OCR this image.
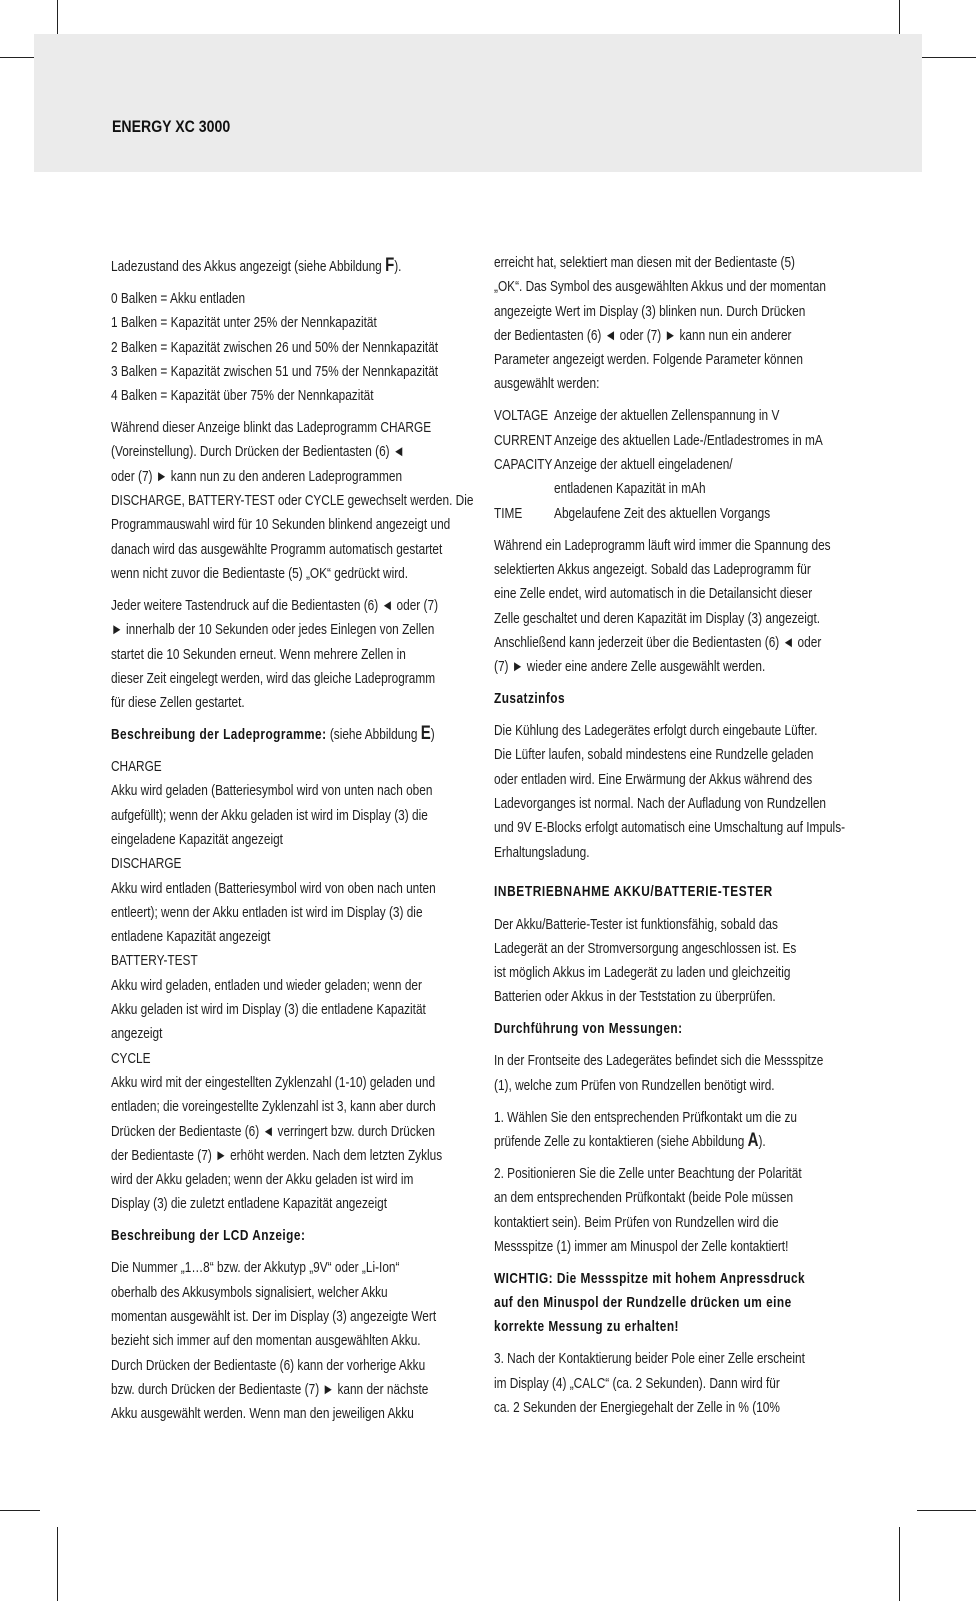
ENERGY XC 3000
Ladezustand des Akkus angezeigt (siehe Abbildung F).
0 Balken = Akku entladen
1 Balken = Kapazität unter 25% der Nennkapazität
2 Balken = Kapazität zwischen 26 und 50% der Nennkapazität
3 Balken = Kapazität zwischen 51 und 75% der Nennkapazität
4 Balken = Kapazität über 75% der Nennkapazität
Während dieser Anzeige blinkt das Ladeprogramm CHARGE
(Voreinstellung). Durch Drücken der Bedientasten (6) ◄
oder (7) ► kann nun zu den anderen Ladeprogrammen
DISCHARGE, BATTERY-TEST oder CYCLE gewechselt werden. Die
Programmauswahl wird für 10 Sekunden blinkend angezeigt und
danach wird das ausgewählte Programm automatisch gestartet
wenn nicht zuvor die Bedientaste (5) „OK“ gedrückt wird.
Jeder weitere Tastendruck auf die Bedientasten (6) ◄ oder (7)
► innerhalb der 10 Sekunden oder jedes Einlegen von Zellen
startet die 10 Sekunden erneut. Wenn mehrere Zellen in
dieser Zeit eingelegt werden, wird das gleiche Ladeprogramm
für diese Zellen gestartet.
Beschreibung der Ladeprogramme: (siehe Abbildung E)
CHARGE
Akku wird geladen (Batteriesymbol wird von unten nach oben
aufgefüllt); wenn der Akku geladen ist wird im Display (3) die
eingeladene Kapazität angezeigt
DISCHARGE
Akku wird entladen (Batteriesymbol wird von oben nach unten
entleert); wenn der Akku entladen ist wird im Display (3) die
entladene Kapazität angezeigt
BATTERY-TEST
Akku wird geladen, entladen und wieder geladen; wenn der
Akku geladen ist wird im Display (3) die entladene Kapazität
angezeigt
CYCLE
Akku wird mit der eingestellten Zyklenzahl (1-10) geladen und
entladen; die voreingestellte Zyklenzahl ist 3, kann aber durch
Drücken der Bedientaste (6) ◄ verringert bzw. durch Drücken
der Bedientaste (7) ► erhöht werden. Nach dem letzten Zyklus
wird der Akku geladen; wenn der Akku geladen ist wird im
Display (3) die zuletzt entladene Kapazität angezeigt
Beschreibung der LCD Anzeige:
Die Nummer „1…8“ bzw. der Akkutyp „9V“ oder „Li-Ion“
oberhalb des Akkusymbols signalisiert, welcher Akku
momentan ausgewählt ist. Der im Display (3) angezeigte Wert
bezieht sich immer auf den momentan ausgewählten Akku.
Durch Drücken der Bedientaste (6) kann der vorherige Akku
bzw. durch Drücken der Bedientaste (7) ► kann der nächste
Akku ausgewählt werden. Wenn man den jeweiligen Akku
erreicht hat, selektiert man diesen mit der Bedientaste (5)
„OK“. Das Symbol des ausgewählten Akkus und der momentan
angezeigte Wert im Display (3) blinken nun. Durch Drücken
der Bedientasten (6) ◄ oder (7) ► kann nun ein anderer
Parameter angezeigt werden. Folgende Parameter können
ausgewählt werden:
VOLTAGE Anzeige der aktuellen Zellenspannung in V
CURRENT Anzeige des aktuellen Lade-/Entladestromes in mA
CAPACITY Anzeige der aktuell eingeladenen/
entladenen Kapazität in mAh
TIME Abgelaufene Zeit des aktuellen Vorgangs
Während ein Ladeprogramm läuft wird immer die Spannung des
selektierten Akkus angezeigt. Sobald das Ladeprogramm für
eine Zelle endet, wird automatisch in die Detailansicht dieser
Zelle geschaltet und deren Kapazität im Display (3) angezeigt.
Anschließend kann jederzeit über die Bedientasten (6) ◄ oder
(7) ► wieder eine andere Zelle ausgewählt werden.
Zusatzinfos
Die Kühlung des Ladegerätes erfolgt durch eingebaute Lüfter.
Die Lüfter laufen, sobald mindestens eine Rundzelle geladen
oder entladen wird. Eine Erwärmung der Akkus während des
Ladevorganges ist normal. Nach der Aufladung von Rundzellen
und 9V E-Blocks erfolgt automatisch eine Umschaltung auf Impuls-
Erhaltungsladung.
INBETRIEBNAHME AKKU/BATTERIE-TESTER
Der Akku/Batterie-Tester ist funktionsfähig, sobald das
Ladegerät an der Stromversorgung angeschlossen ist. Es
ist möglich Akkus im Ladegerät zu laden und gleichzeitig
Batterien oder Akkus in der Teststation zu überprüfen.
Durchführung von Messungen:
In der Frontseite des Ladegerätes befindet sich die Messspitze
(1), welche zum Prüfen von Rundzellen benötigt wird.
1. Wählen Sie den entsprechenden Prüfkontakt um die zu
prüfende Zelle zu kontaktieren (siehe Abbildung A).
2. Positionieren Sie die Zelle unter Beachtung der Polarität
an dem entsprechenden Prüfkontakt (beide Pole müssen
kontaktiert sein). Beim Prüfen von Rundzellen wird die
Messspitze (1) immer am Minuspol der Zelle kontaktiert!
WICHTIG: Die Messspitze mit hohem Anpressdruck
auf den Minuspol der Rundzelle drücken um eine
korrekte Messung zu erhalten!
3. Nach der Kontaktierung beider Pole einer Zelle erscheint
im Display (4) „CALC“ (ca. 2 Sekunden). Dann wird für
ca. 2 Sekunden der Energiegehalt der Zelle in % (10%
